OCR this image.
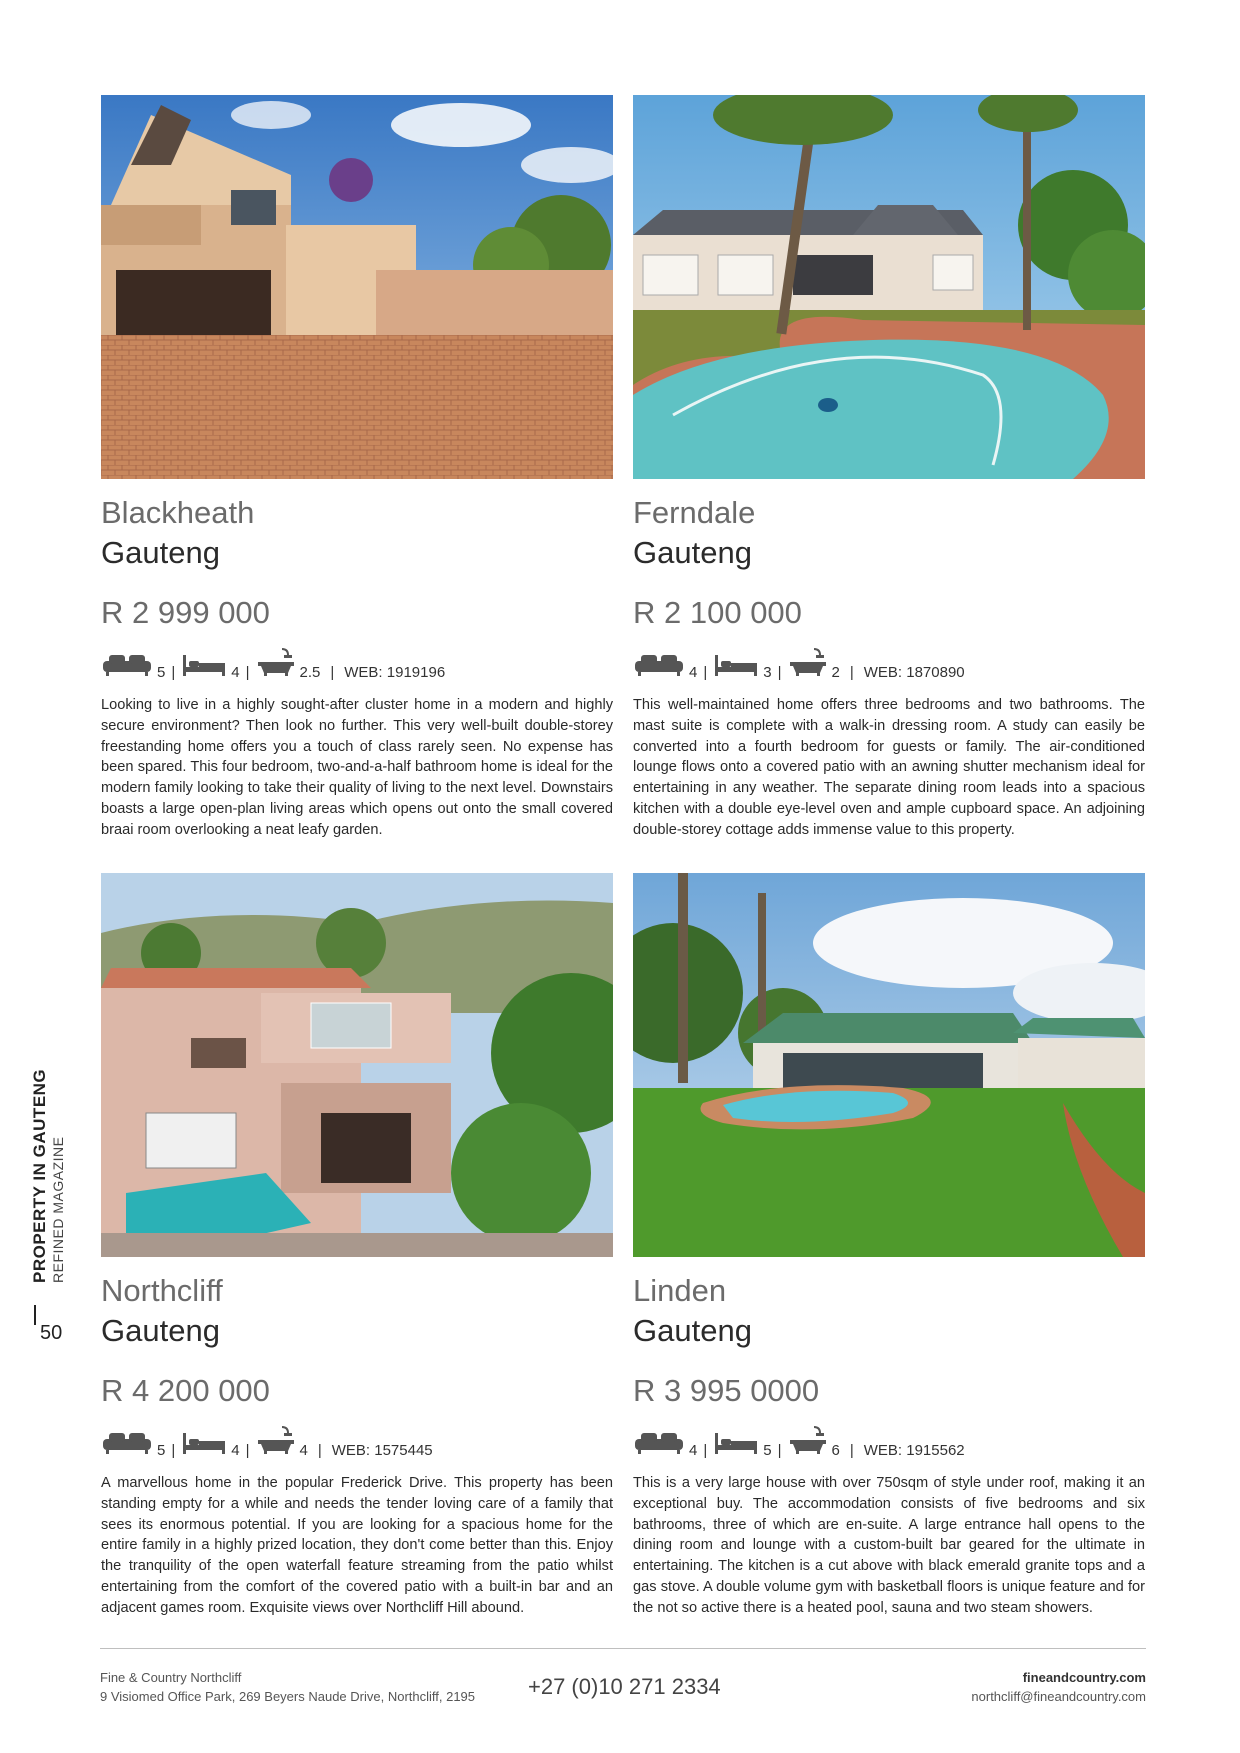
Blackheath
Gauteng
R 2 999 000
5 |	4 |	2.5 | WEB: 1919196
Looking to live in a highly sought-after cluster home in a modern and highly secure environment? Then look no further. This very well-built double-storey freestanding home offers you a touch of class rarely seen. No expense has been spared. This four bedroom, two-and-a-half bathroom home is ideal for the modern family looking to take their quality of living to the next level. Downstairs boasts a large open-plan living areas which opens out onto the small covered braai room overlooking a neat leafy garden.
Ferndale
Gauteng
R 2 100 000
4 |	3 |	2 | WEB: 1870890
This well-maintained home offers three bedrooms and two bathrooms. The mast suite is complete with a walk-in dressing room. A study can easily be converted into a fourth bedroom for guests or family. The air-conditioned lounge flows onto a covered patio with an awning shutter mechanism ideal for entertaining in any weather. The separate dining room leads into a spacious kitchen with a double eye-level oven and ample cupboard space. An adjoining double-storey cottage adds immense value to this property.
Northcliff
Gauteng
R 4 200 000
5 |	4 |	4 | WEB: 1575445
A marvellous home in the popular Frederick Drive. This property has been standing empty for a while and needs the tender loving care of a family that sees its enormous potential. If you are looking for a spacious home for the entire family in a highly prized location, they don't come better than this. Enjoy the tranquility of the open waterfall feature streaming from the patio whilst entertaining from the comfort of the covered patio with a built-in bar and an adjacent games room. Exquisite views over Northcliff Hill abound.
Linden
Gauteng
R 3 995 0000
4 |	5 |	6 | WEB: 1915562
This is a very large house with over 750sqm of style under roof, making it an exceptional buy. The accommodation consists of five bedrooms and six bathrooms, three of which are en-suite. A large entrance hall opens to the dining room and lounge with a custom-built bar geared for the ultimate in entertaining. The kitchen is a cut above with black emerald granite tops and a gas stove. A double volume gym with basketball floors is unique feature and for the not so active there is a heated pool, sauna and two steam showers.
PROPERTY IN GAUTENG REFINED MAGAZINE
50
Fine & Country Northcliff
9 Visiomed Office Park, 269 Beyers Naude Drive, Northcliff, 2195 +27 (0)10 271 2334	fineandcountry.com
northcliff@fineandcountry.com
